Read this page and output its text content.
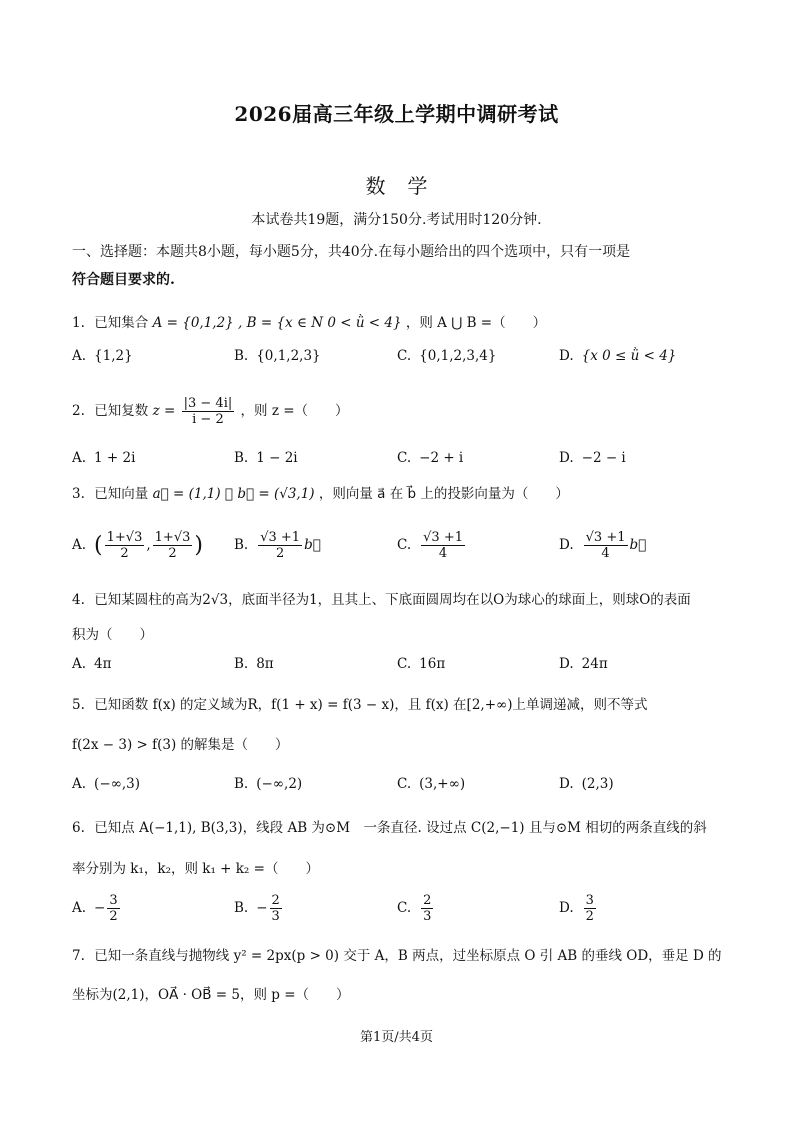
2026届高三年级上学期中调研考试
数学
本试卷共19题，满分150分.考试用时120分钟.
一、选择题：本题共8小题，每小题5分，共40分.在每小题给出的四个选项中，只有一项是
符合题目要求的.
1. 已知集合 A = {0,1,2} , B = {x ∈ N 0 < ǜ < 4} ，则 A ⋃ B =（　　）
A. {1,2}	B. {0,1,2,3}	C. {0,1,2,3,4}	D. {x 0 ≤ ǜ < 4}
2. 已知复数 $z = \frac{|3 - 4i|}{i - 2}$ ，则 z =（　　）
A. 1 + 2i	B. 1 − 2i	C. −2 + i	D. −2 − i
3. 已知向量 a⃗ = (1,1) ， b⃗ = (√3,1) ，则向量 a⃗ 在 b⃗ 上的投影向量为（　　）
A. ( $\frac{1+√3}{2}$ , $\frac{1+√3}{2}$ ) B. $\frac{√3 +1}{2}$ b⃗	C. $\frac{√3 +1}{4}$	D. $\frac{√3 +1}{4}$ b⃗
4. 已知某圆柱的高为2√3，底面半径为1，且其上、下底面圆周均在以O为球心的球面上，则球O的表面
积为（　　）
A. 4π	B. 8π	C. 16π	D. 24π
5. 已知函数 f(x) 的定义域为R，f(1 + x) = f(3 − x)，且 f(x) 在[2,+∞)上单调递减，则不等式
f(2x − 3) > f(3) 的解集是（　　）
A. (−∞,3)	B. (−∞,2)	C. (3,+∞)	D. (2,3)
6. 已知点 A(−1,1), B(3,3)，线段 AB 为⊙M　一条直径. 设过点 C(2,−1) 且与⊙M 相切的两条直线的斜
率分别为 k₁，k₂，则 k₁ + k₂ =（　　）
A. − $\frac{3}{2}$	B. − $\frac{2}{3}$	C. $\frac{2}{3}$	D. $\frac{3}{2}$
7. 已知一条直线与抛物线 y² = 2px(p > 0) 交于 A，B 两点，过坐标原点 O 引 AB 的垂线 OD，垂足 D 的
坐标为(2,1)，OA⃗ · OB⃗ = 5，则 p =（　　）
第1页/共4页
